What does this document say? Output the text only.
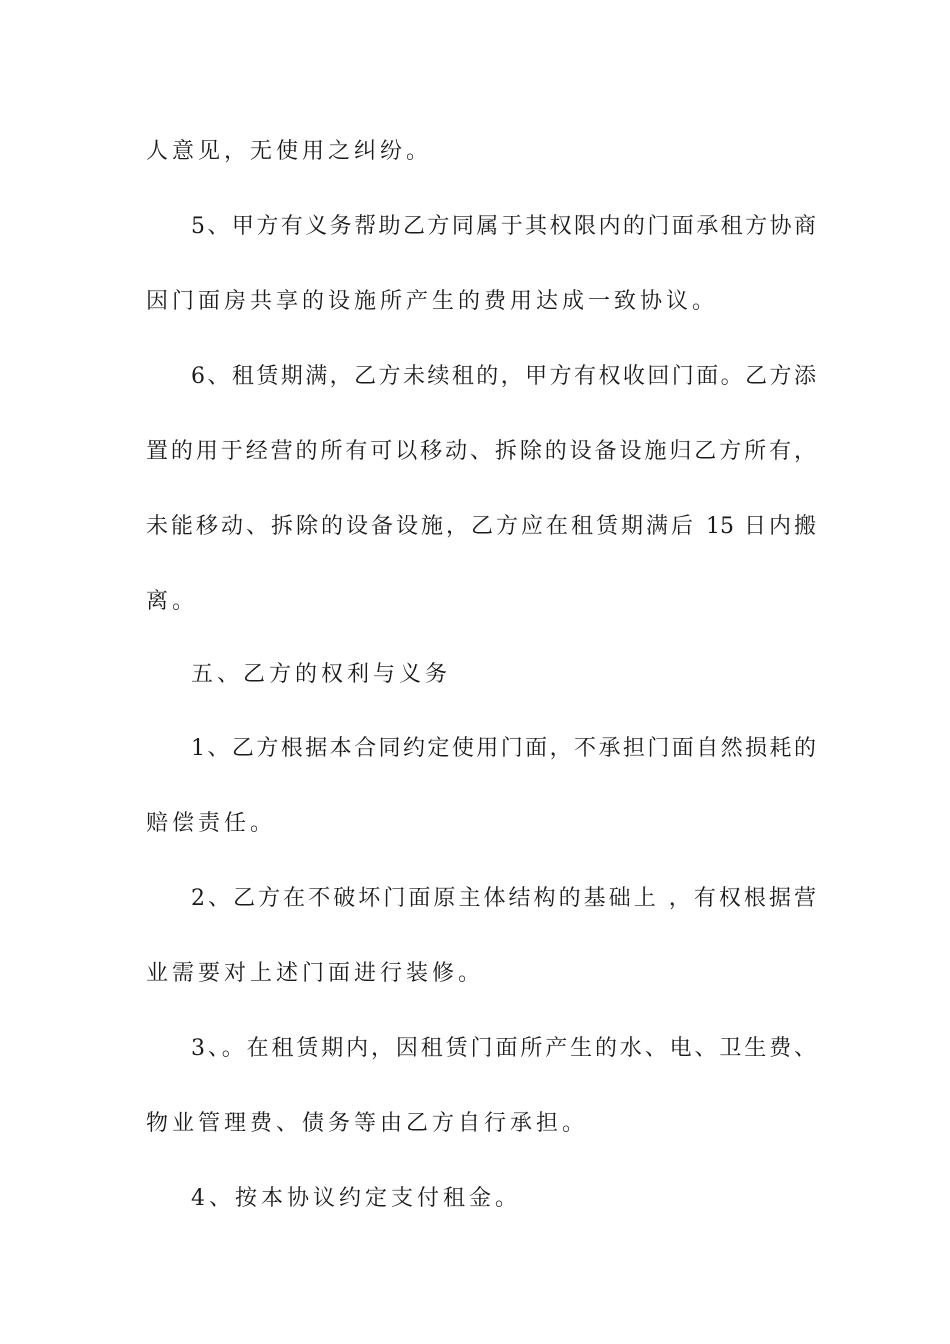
人意见，无使用之纠纷。

5、甲方有义务帮助乙方同属于其权限内的门面承租方协商

因门面房共享的设施所产生的费用达成一致协议。

6、租赁期满，乙方未续租的，甲方有权收回门面。乙方添

置的用于经营的所有可以移动、拆除的设备设施归乙方所有，

未能移动、拆除的设备设施，乙方应在租赁期满后 15 日内搬

离。

五、乙方的权利与义务

1、乙方根据本合同约定使用门面，不承担门面自然损耗的

赔偿责任。

2、乙方在不破坏门面原主体结构的基础上 ，有权根据营

业需要对上述门面进行装修。

3、。在租赁期内，因租赁门面所产生的水、电、卫生费、

物业管理费、债务等由乙方自行承担。

4、按本协议约定支付租金。
